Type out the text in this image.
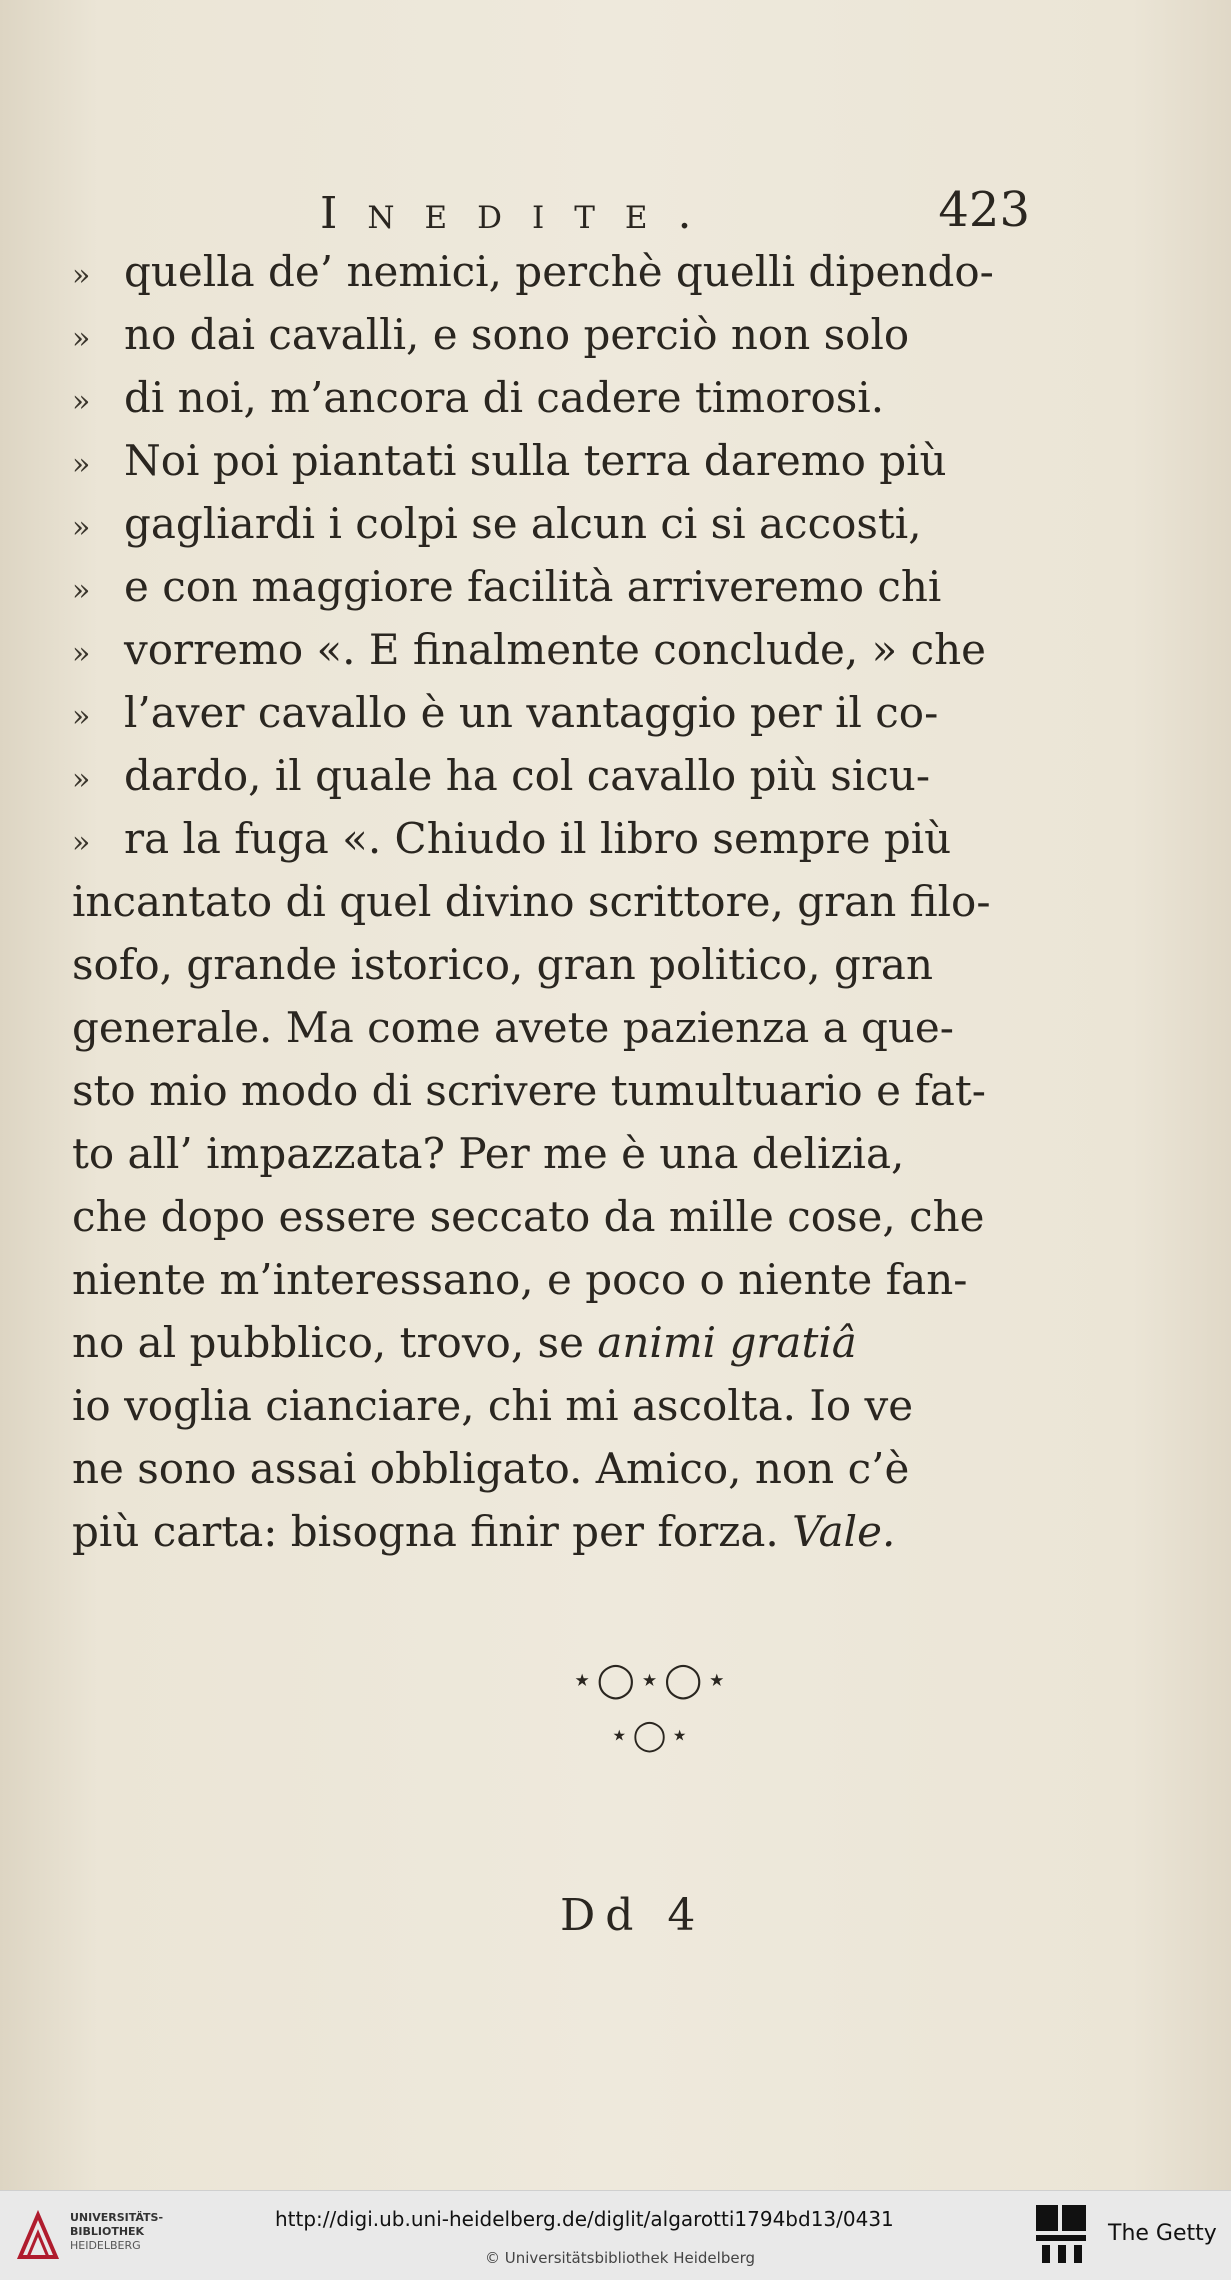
Inedite.	423
» quella de’ nemici, perchè quelli dipendo-
» no dai cavalli, e sono perciò non solo
» di noi, m’ancora di cadere timorosi.
» Noi poi piantati sulla terra daremo più
» gagliardi i colpi se alcun ci si accosti,
» e con maggiore facilità arriveremo chi
» vorremo «. E finalmente conclude, » che
» l’aver cavallo è un vantaggio per il co-
» dardo, il quale ha col cavallo più sicu-
» ra la fuga «. Chiudo il libro sempre più
incantato di quel divino scrittore, gran filo-
sofo, grande istorico, gran politico, gran
generale. Ma come avete pazienza a que-
sto mio modo di scrivere tumultuario e fat-
to all’ impazzata? Per me è una delizia,
che dopo essere seccato da mille cose, che
niente m’interessano, e poco o niente fan-
no al pubblico, trovo, se animi gratiâ
io voglia cianciare, chi mi ascolta. Io ve
ne sono assai obbligato. Amico, non c’è
più carta: bisogna finir per forza. Vale.
⋆◯⋆◯⋆
⋆◯⋆
Dd 4
UNIVERSITÄTS-
BIBLIOTHEK
HEIDELBERG
http://digi.ub.uni-heidelberg.de/diglit/algarotti1794bd13/0431
© Universitätsbibliothek Heidelberg
The Getty
